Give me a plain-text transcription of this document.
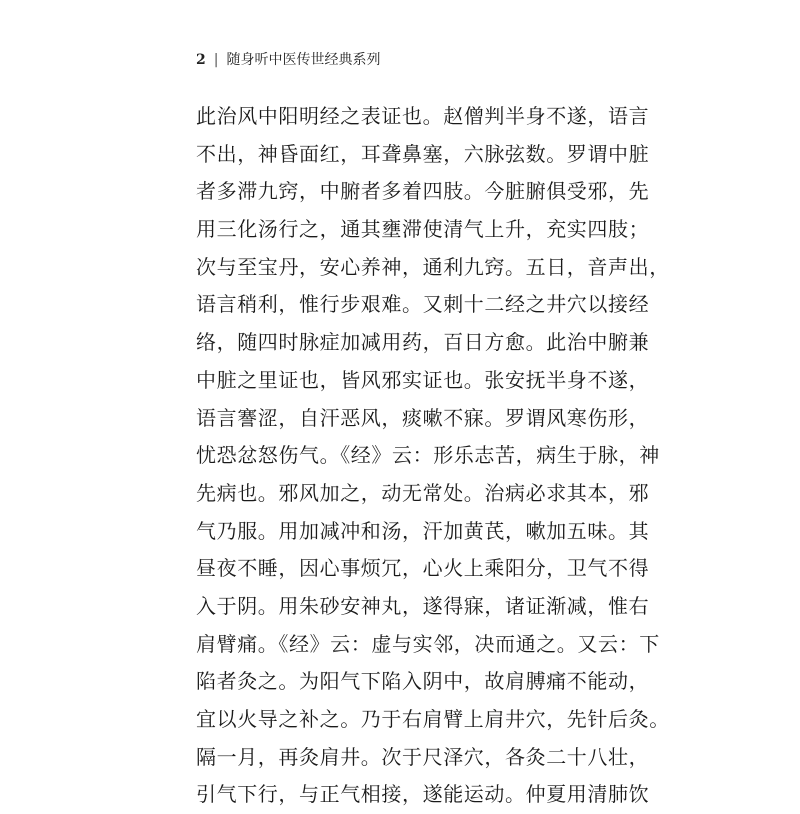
2 | 随身听中医传世经典系列
此治风中阳明经之表证也。赵僧判半身不遂，语言
不出，神昏面红，耳聋鼻塞，六脉弦数。罗谓中脏
者多滞九窍，中腑者多着四肢。今脏腑俱受邪，先
用三化汤行之，通其壅滞使清气上升，充实四肢；
次与至宝丹，安心养神，通利九窍。五日，音声出，
语言稍利，惟行步艰难。又刺十二经之井穴以接经
络，随四时脉症加减用药，百日方愈。此治中腑兼
中脏之里证也，皆风邪实证也。张安抚半身不遂，
语言謇涩，自汗恶风，痰嗽不寐。罗谓风寒伤形，
忧恐忿怒伤气。《经》云：形乐志苦，病生于脉，神
先病也。邪风加之，动无常处。治病必求其本，邪
气乃服。用加减冲和汤，汗加黄芪，嗽加五味。其
昼夜不睡，因心事烦冗，心火上乘阳分，卫气不得
入于阴。用朱砂安神丸，遂得寐，诸证渐减，惟右
肩臂痛。《经》云：虚与实邻，决而通之。又云：下
陷者灸之。为阳气下陷入阴中，故肩膊痛不能动，
宜以火导之补之。乃于右肩臂上肩井穴，先针后灸。
隔一月，再灸肩井。次于尺泽穴，各灸二十八壮，
引气下行，与正气相接，遂能运动。仲夏用清肺饮
